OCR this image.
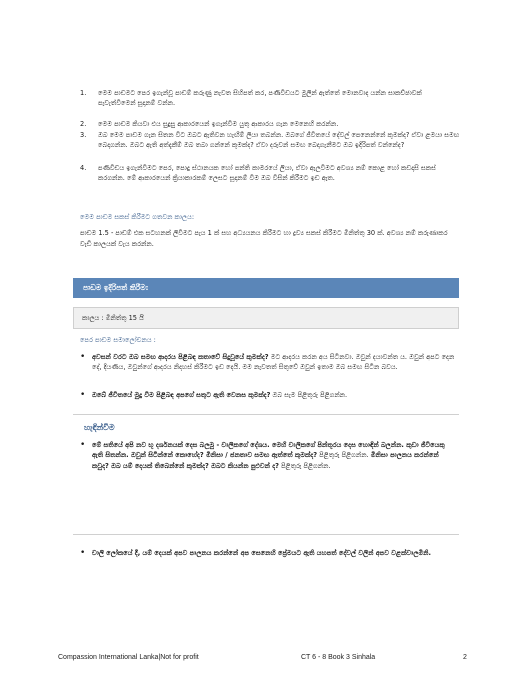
1. මෙම පාඩමට පෙර ඉගැන්වූ පාඩම් කරුණු නැවත සිහිපත් කර, පණිවිඩයට මුලින් ඇත්තේ මොනවාද යන්න සාකච්ඡාවක් පැවැත්වීමෙන් සූදානම් වන්න.
2. මෙම පාඩම කියවා එය සුදුසු ආකාරයෙන් ඉගැන්වීම යුතු ආකාරය ගැන මෙනෙහි කරන්න.
3. ඔබ මෙම පාඩම ගැන සිතන විට ඔබට ඇතිවන හැඟීම් ලියා තබන්න. ඔබගේ ජීවිතයේ දේවල් පෙනෙන්නේ කුමක්ද? ඒවා ළමයා සමඟ බෙදාගන්න. ඔබට ඇති අත්දැකීම් ඔබ තබා ගන්නේ කුමක්ද? ඒවා දරුවන් සමඟ බෙදාගැනීමට ඔබ ඉදිරිපත් වන්නේද?
4. පණිවිඩය ඉගැන්වීමට පෙර, පොදු ස්ථානයක හෝ පන්ති කාමරයේ ලියා, ඒවා ඇලවීමට අවශ්‍ය නම් කොළ හෝ කඩදාසි සකස් කරගන්න. මේ ආකාරයෙන් ක්‍රියාකාරකම් ලෙසට සූදානම් වීම ඔබ විසින් කිරීමට ඉඩ ඇත.
මෙම පාඩම සකස් කිරීමට ගතවන කාලය:
පාඩම 1.5 - පාඩම් එක සටහනක් ලිවීමට පැය 1 ක් සහ අධ්‍යයනය කිරීමට හා ද්‍රව්‍ය සකස් කිරීමට මිනිත්තු 30 ක්. අවශ්‍ය නම් කරුණාකර වැඩි කාලයක් වැය කරන්න.
පාඩම ඉදිරිපත් කිරීම:
කාලය : මිනිත්තු 15 යි
පෙර පාඩම සමාලෝචනය :
• අවසන් වරට ඔබ සමඟ ආදරය පිළිබඳ කතාවේ සිදුවූයේ කුමක්ද? මට ආදරය කරන අය සිටිනවා. ඔවුන් දයාවන්ත ය. ඔවුන් අපට දෙන දේ, දියණිය, ඔවුන්ගේ ආදරය නිදහස් කිරීමට ඉඩ දෙයි. මම නැවතත් සිතුවේ ඔවුන් ඉතාම ඔබ සමඟ සිටින බවය.
• ඔබේ ජීවිතයේ මුදු වීම පිළිබඳ අපගේ සතුට ඇති වෙනස කුමක්ද? ඔබ සැම පිළිතුරු පිළිගන්න.
හැඳින්වීම
• මේ සතියේ අපි නව භූ දර්ශනයක් දෙස බලමු - චාලිකගේ දේශය. මෙහි චාලිකගේ පින්තූරය දෙස හොඳින් බලන්න. කුඩා ජීවියෙකු ඇති සිතන්න. ඔවුන් සිටින්නේ කොහේද? මිනිසා / ජනතාව සමඟ ඇත්තේ කුමක්ද? පිළිතුරු පිළිගන්න. මිනිසා පාලනය කරන්නේ කවුද? ඔබ යම් දෙයක් තිබෙන්නේ කුමක්ද? ඔබට කියන්න පුළුවන් ද? පිළිතුරු පිළිගන්න.
• චාලි ලෝකයේ දී, යම් දෙයක් අපව පාලනය කරන්නේ අප සෙනෙහි ප්‍රේමයට ඇති යහපත් දේවල් වලින් අපව වළක්වාලමිනි.
Compassion International Lanka|Not for profit	CT 6 - 8 Book 3 Sinhala	2
